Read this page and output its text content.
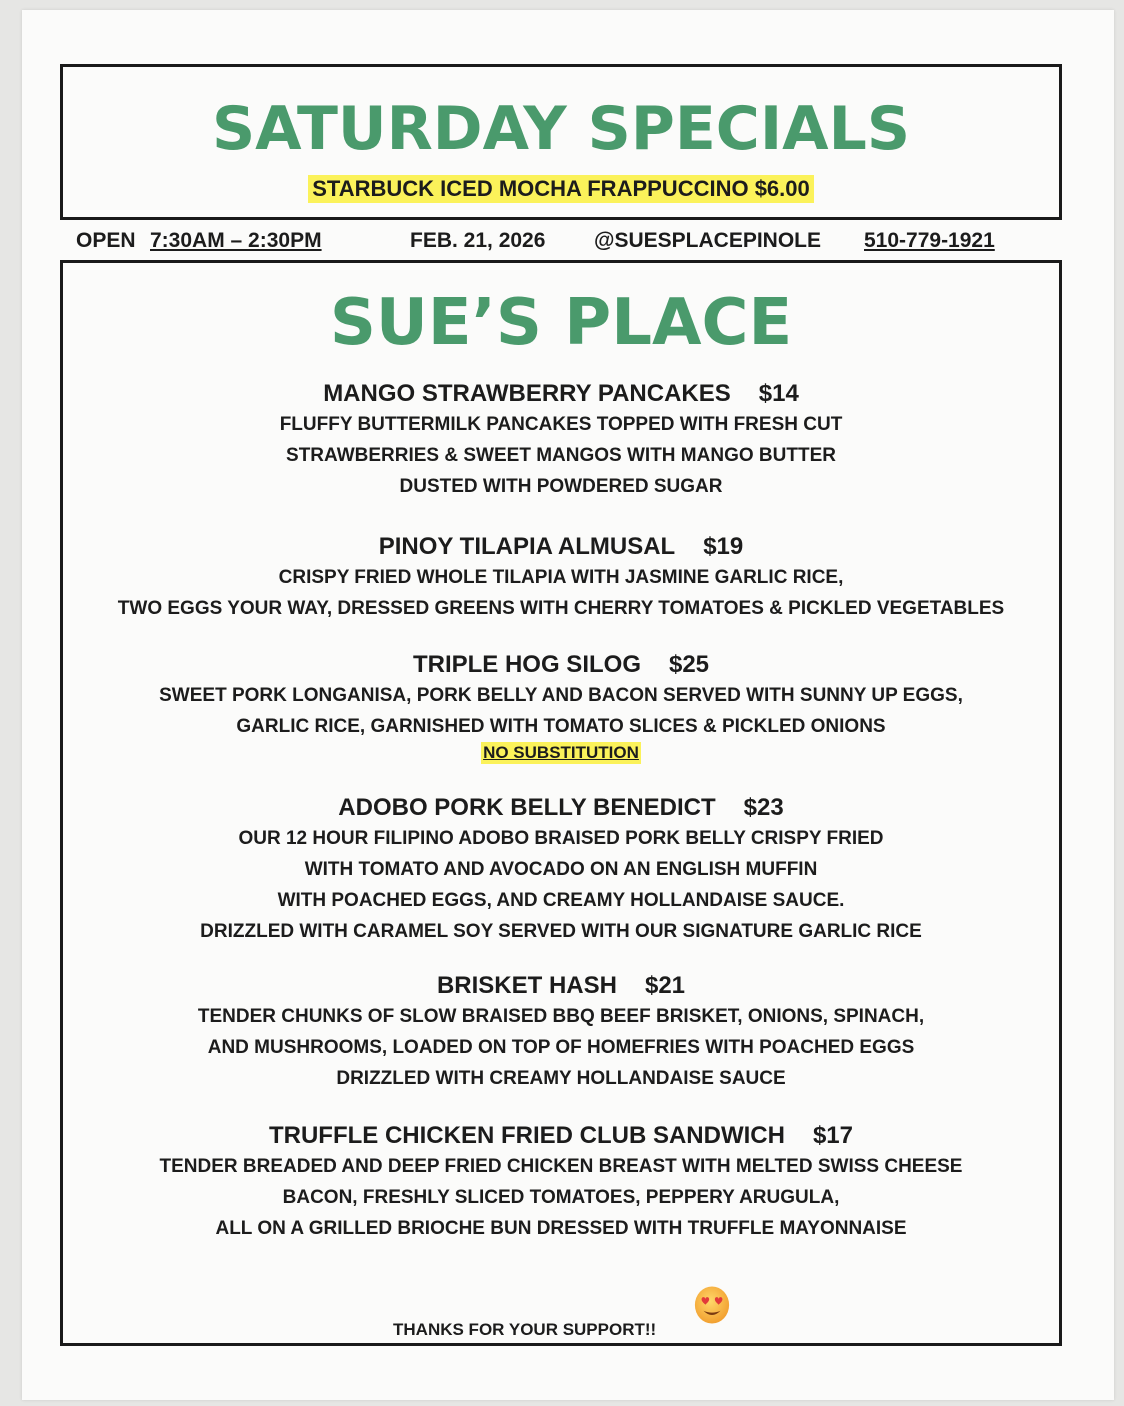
SATURDAY SPECIALS
STARBUCK ICED MOCHA FRAPPUCCINO $6.00
OPEN 7:30AM – 2:30PM	FEB. 21, 2026 @SUESPLACEPINOLE 510-779-1921
SUE’S PLACE
MANGO STRAWBERRY PANCAKES $14
FLUFFY BUTTERMILK PANCAKES TOPPED WITH FRESH CUT
STRAWBERRIES & SWEET MANGOS WITH MANGO BUTTER
DUSTED WITH POWDERED SUGAR
PINOY TILAPIA ALMUSAL $19
CRISPY FRIED WHOLE TILAPIA WITH JASMINE GARLIC RICE,
TWO EGGS YOUR WAY, DRESSED GREENS WITH CHERRY TOMATOES & PICKLED VEGETABLES
TRIPLE HOG SILOG $25
SWEET PORK LONGANISA, PORK BELLY AND BACON SERVED WITH SUNNY UP EGGS,
GARLIC RICE, GARNISHED WITH TOMATO SLICES & PICKLED ONIONS
NO SUBSTITUTION
ADOBO PORK BELLY BENEDICT $23
OUR 12 HOUR FILIPINO ADOBO BRAISED PORK BELLY CRISPY FRIED
WITH TOMATO AND AVOCADO ON AN ENGLISH MUFFIN
WITH POACHED EGGS, AND CREAMY HOLLANDAISE SAUCE.
DRIZZLED WITH CARAMEL SOY SERVED WITH OUR SIGNATURE GARLIC RICE
BRISKET HASH $21
TENDER CHUNKS OF SLOW BRAISED BBQ BEEF BRISKET, ONIONS, SPINACH,
AND MUSHROOMS, LOADED ON TOP OF HOMEFRIES WITH POACHED EGGS
DRIZZLED WITH CREAMY HOLLANDAISE SAUCE
TRUFFLE CHICKEN FRIED CLUB SANDWICH $17
TENDER BREADED AND DEEP FRIED CHICKEN BREAST WITH MELTED SWISS CHEESE
BACON, FRESHLY SLICED TOMATOES, PEPPERY ARUGULA,
ALL ON A GRILLED BRIOCHE BUN DRESSED WITH TRUFFLE MAYONNAISE
THANKS FOR YOUR SUPPORT!!
